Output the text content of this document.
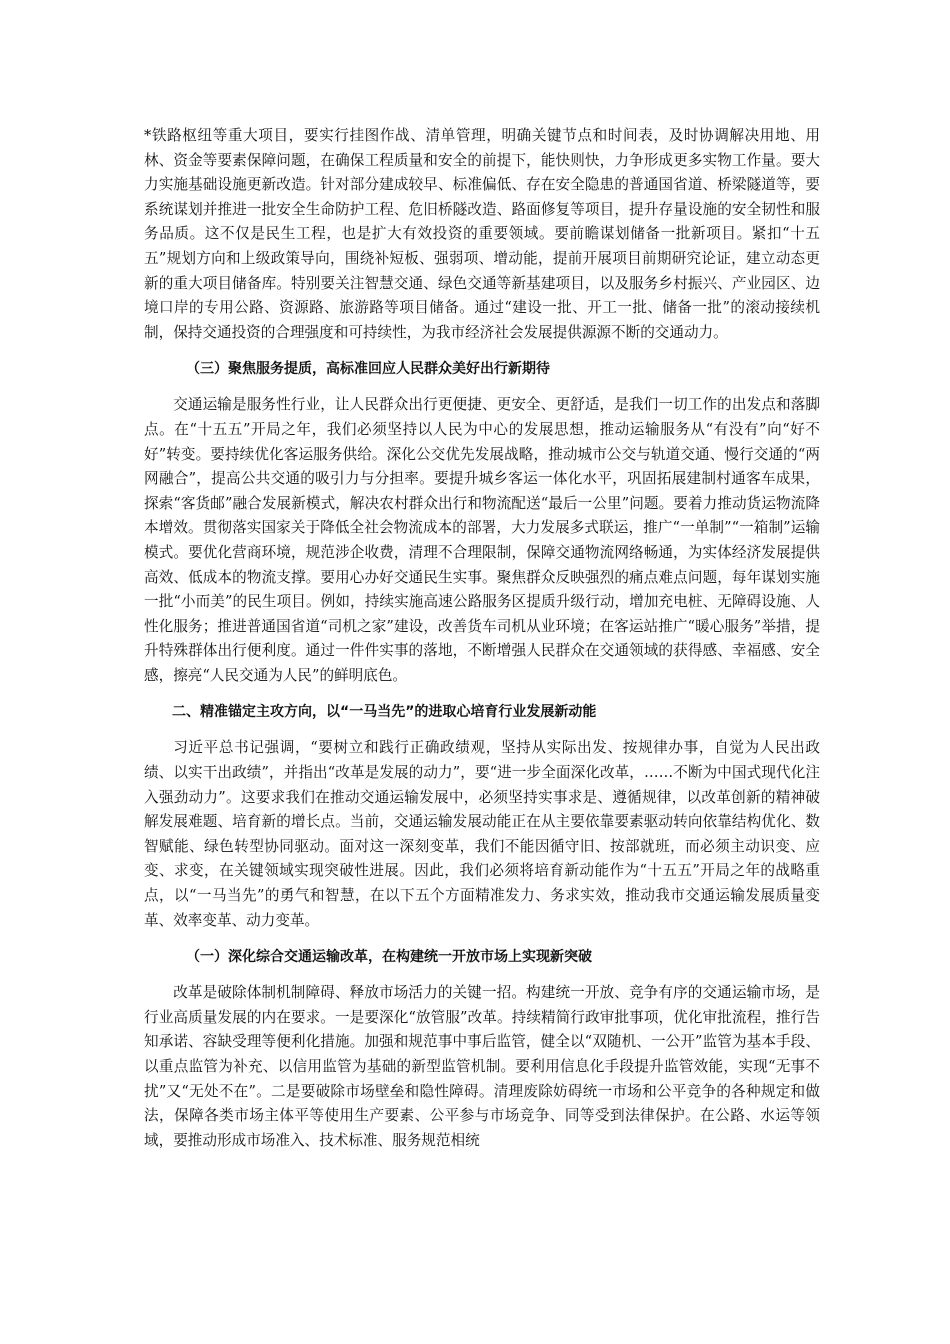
*铁路枢纽等重大项目，要实行挂图作战、清单管理，明确关键节点和时间表，及时协调解决用地、用林、资金等要素保障问题，在确保工程质量和安全的前提下，能快则快，力争形成更多实物工作量。要大力实施基础设施更新改造。针对部分建成较早、标准偏低、存在安全隐患的普通国省道、桥梁隧道等，要系统谋划并推进一批安全生命防护工程、危旧桥隧改造、路面修复等项目，提升存量设施的安全韧性和服务品质。这不仅是民生工程，也是扩大有效投资的重要领域。要前瞻谋划储备一批新项目。紧扣“十五五”规划方向和上级政策导向，围绕补短板、强弱项、增动能，提前开展项目前期研究论证，建立动态更新的重大项目储备库。特别要关注智慧交通、绿色交通等新基建项目，以及服务乡村振兴、产业园区、边境口岸的专用公路、资源路、旅游路等项目储备。通过“建设一批、开工一批、储备一批”的滚动接续机制，保持交通投资的合理强度和可持续性，为我市经济社会发展提供源源不断的交通动力。

（三）聚焦服务提质，高标准回应人民群众美好出行新期待

交通运输是服务性行业，让人民群众出行更便捷、更安全、更舒适，是我们一切工作的出发点和落脚点。在“十五五”开局之年，我们必须坚持以人民为中心的发展思想，推动运输服务从“有没有”向“好不好”转变。要持续优化客运服务供给。深化公交优先发展战略，推动城市公交与轨道交通、慢行交通的“两网融合”，提高公共交通的吸引力与分担率。要提升城乡客运一体化水平，巩固拓展建制村通客车成果，探索“客货邮”融合发展新模式，解决农村群众出行和物流配送“最后一公里”问题。要着力推动货运物流降本增效。贯彻落实国家关于降低全社会物流成本的部署，大力发展多式联运，推广“一单制”“一箱制”运输模式。要优化营商环境，规范涉企收费，清理不合理限制，保障交通物流网络畅通，为实体经济发展提供高效、低成本的物流支撑。要用心办好交通民生实事。聚焦群众反映强烈的痛点难点问题，每年谋划实施一批“小而美”的民生项目。例如，持续实施高速公路服务区提质升级行动，增加充电桩、无障碍设施、人性化服务；推进普通国省道“司机之家”建设，改善货车司机从业环境；在客运站推广“暖心服务”举措，提升特殊群体出行便利度。通过一件件实事的落地，不断增强人民群众在交通领域的获得感、幸福感、安全感，擦亮“人民交通为人民”的鲜明底色。

二、精准锚定主攻方向，以“一马当先”的进取心培育行业发展新动能

习近平总书记强调，“要树立和践行正确政绩观，坚持从实际出发、按规律办事，自觉为人民出政绩、以实干出政绩”，并指出“改革是发展的动力”，要“进一步全面深化改革，……不断为中国式现代化注入强劲动力”。这要求我们在推动交通运输发展中，必须坚持实事求是、遵循规律，以改革创新的精神破解发展难题、培育新的增长点。当前，交通运输发展动能正在从主要依靠要素驱动转向依靠结构优化、数智赋能、绿色转型协同驱动。面对这一深刻变革，我们不能因循守旧、按部就班，而必须主动识变、应变、求变，在关键领域实现突破性进展。因此，我们必须将培育新动能作为“十五五”开局之年的战略重点，以“一马当先”的勇气和智慧，在以下五个方面精准发力、务求实效，推动我市交通运输发展质量变革、效率变革、动力变革。

（一）深化综合交通运输改革，在构建统一开放市场上实现新突破

改革是破除体制机制障碍、释放市场活力的关键一招。构建统一开放、竞争有序的交通运输市场，是行业高质量发展的内在要求。一是要深化“放管服”改革。持续精简行政审批事项，优化审批流程，推行告知承诺、容缺受理等便利化措施。加强和规范事中事后监管，健全以“双随机、一公开”监管为基本手段、以重点监管为补充、以信用监管为基础的新型监管机制。要利用信息化手段提升监管效能，实现“无事不扰”又“无处不在”。二是要破除市场壁垒和隐性障碍。清理废除妨碍统一市场和公平竞争的各种规定和做法，保障各类市场主体平等使用生产要素、公平参与市场竞争、同等受到法律保护。在公路、水运等领域，要推动形成市场准入、技术标准、服务规范相统
